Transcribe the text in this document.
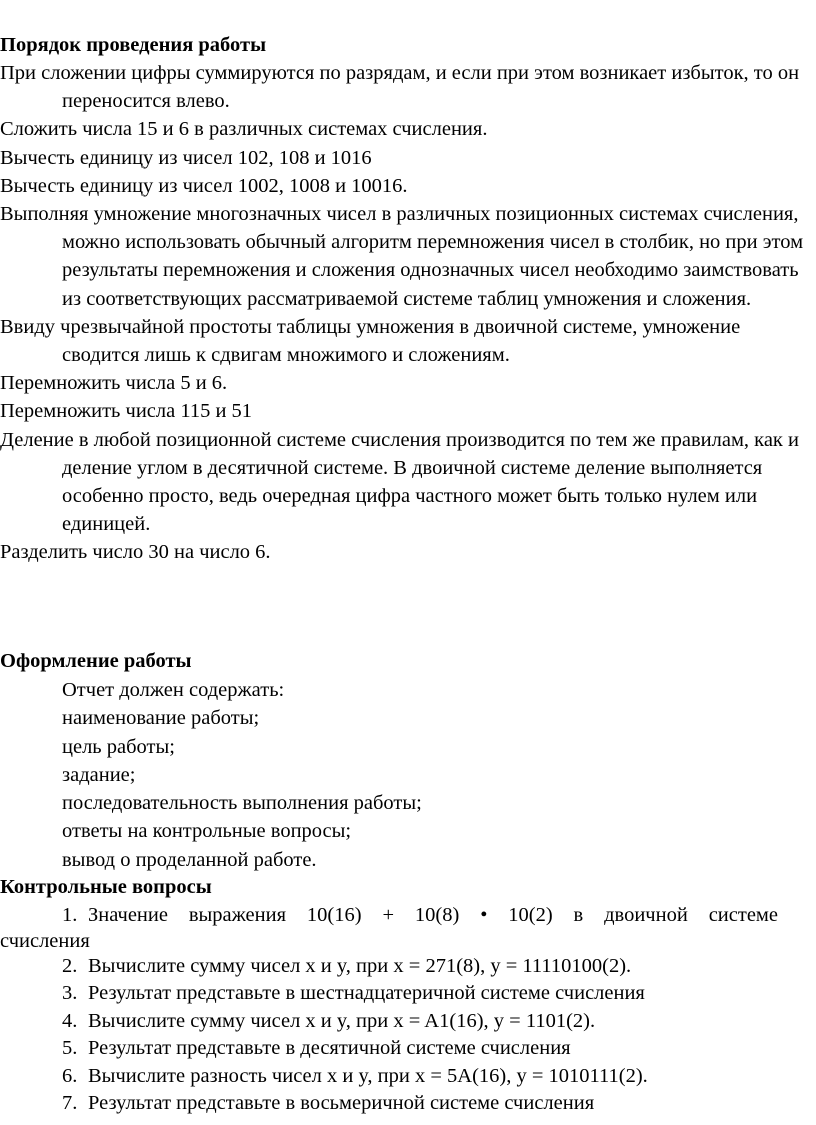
Порядок проведения работы

При сложении цифры суммируются по разрядам, и если при этом возникает избыток, то он переносится влево.

Сложить числа 15 и 6 в различных системах счисления.

Вычесть единицу из чисел 102, 108 и 1016

Вычесть единицу из чисел 1002, 1008 и 10016.

Выполняя умножение многозначных чисел в различных позиционных системах счисления, можно использовать обычный алгоритм перемножения чисел в столбик, но при этом результаты перемножения и сложения однозначных чисел необходимо заимствовать из соответствующих рассматриваемой системе таблиц умножения и сложения.

Ввиду чрезвычайной простоты таблицы умножения в двоичной системе, умножение сводится лишь к сдвигам множимого и сложениям.

Перемножить числа 5 и 6.

Перемножить числа 115 и 51

Деление в любой позиционной системе счисления производится по тем же правилам, как и деление углом в десятичной системе. В двоичной системе деление выполняется особенно просто, ведь очередная цифра частного может быть только нулем или единицей.

Разделить число 30 на число 6.

Оформление работы
Отчет должен содержать:
наименование работы;
цель работы;
задание;
последовательность выполнения работы;
ответы на контрольные вопросы;
вывод о проделанной работе.
Контрольные вопросы
1. Значение выражения 10(16) + 10(8) • 10(2) в двоичной системе
счисления
2. Вычислите сумму чисел x и y, при x = 271(8), y = 11110100(2).
3. Результат представьте в шестнадцатеричной системе счисления
4. Вычислите сумму чисел x и y, при x = A1(16), y = 1101(2).
5. Результат представьте в десятичной системе счисления
6. Вычислите разность чисел x и y, при x = 5A(16), y = 1010111(2).
7. Результат представьте в восьмеричной системе счисления
